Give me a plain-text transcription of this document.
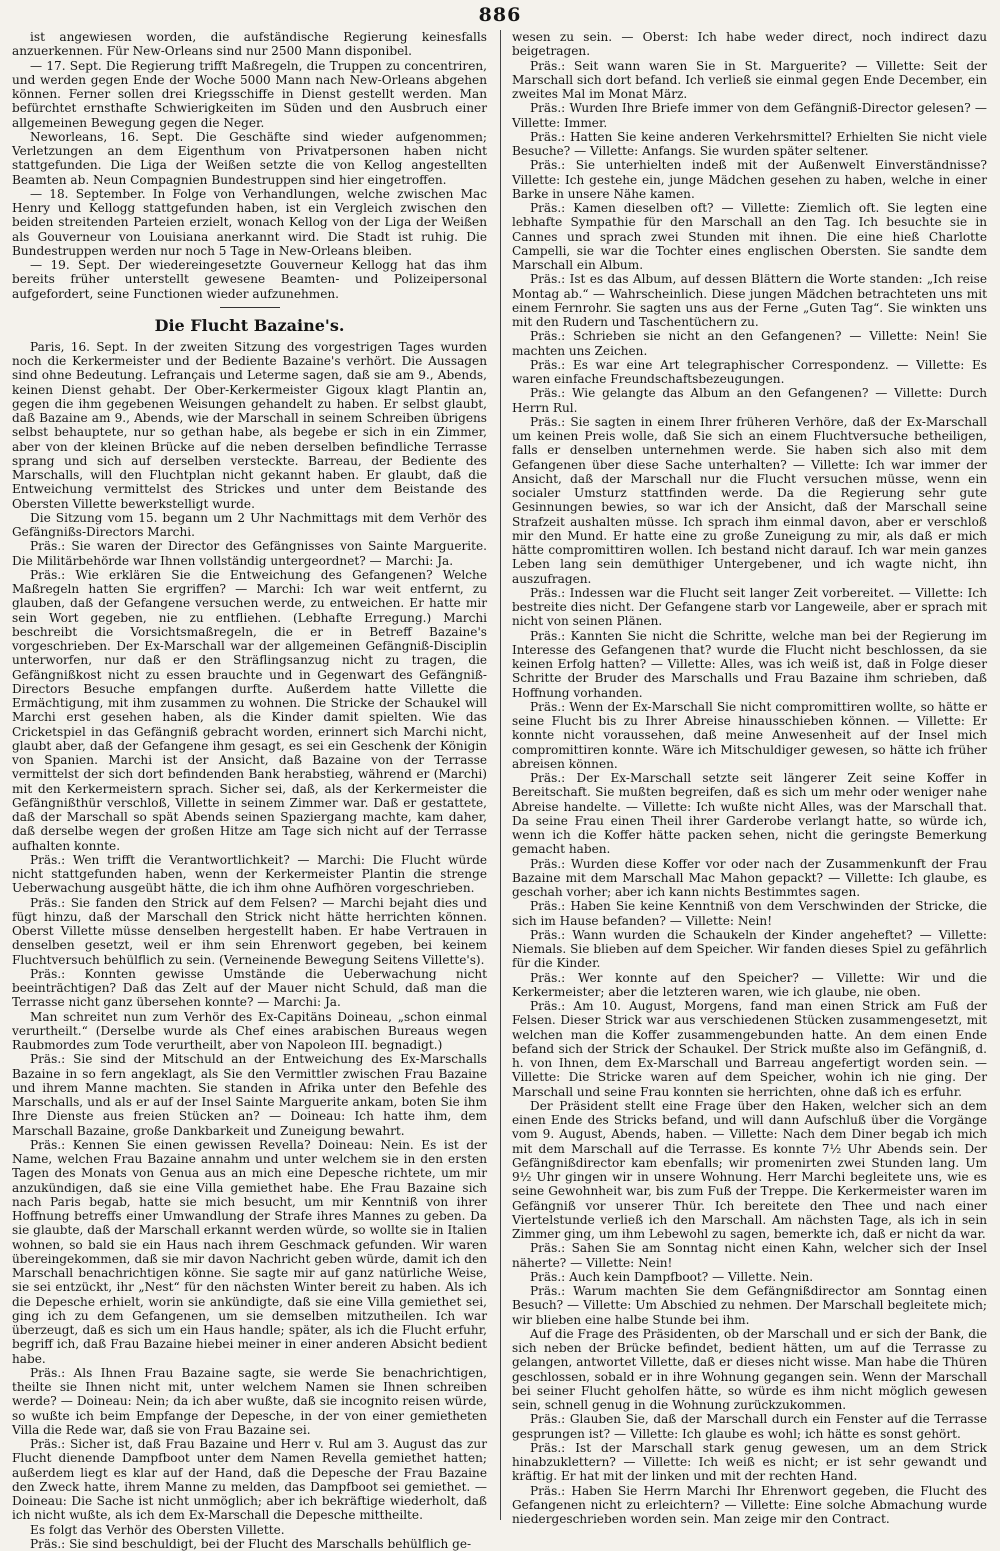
886

ist angewiesen worden, die aufständische Regierung keinesfalls anzuerkennen. Für New-Orleans sind nur 2500 Mann disponibel.

— 17. Sept. Die Regierung trifft Maßregeln, die Truppen zu concentriren, und werden gegen Ende der Woche 5000 Mann nach New-Orleans abgehen können. Ferner sollen drei Kriegsschiffe in Dienst gestellt werden. Man befürchtet ernsthafte Schwierigkeiten im Süden und den Ausbruch einer allgemeinen Bewegung gegen die Neger.

Neworleans, 16. Sept. Die Geschäfte sind wieder aufgenommen; Verletzungen an dem Eigenthum von Privatpersonen haben nicht stattgefunden. Die Liga der Weißen setzte die von Kellog angestellten Beamten ab. Neun Compagnien Bundestruppen sind hier eingetroffen.

— 18. September. In Folge von Verhandlungen, welche zwischen Mac Henry und Kellogg stattgefunden haben, ist ein Vergleich zwischen den beiden streitenden Parteien erzielt, wonach Kellog von der Liga der Weißen als Gouverneur von Louisiana anerkannt wird. Die Stadt ist ruhig. Die Bundestruppen werden nur noch 5 Tage in New-Orleans bleiben.

— 19. Sept. Der wiedereingesetzte Gouverneur Kellogg hat das ihm bereits früher unterstellt gewesene Beamten- und Polizeipersonal aufgefordert, seine Functionen wieder aufzunehmen.

Die Flucht Bazaine's.

Paris, 16. Sept. In der zweiten Sitzung des vorgestrigen Tages wurden noch die Kerkermeister und der Bediente Bazaine's verhört. Die Aussagen sind ohne Bedeutung. Lefrançais und Leterme sagen, daß sie am 9., Abends, keinen Dienst gehabt. Der Ober-Kerkermeister Gigoux klagt Plantin an, gegen die ihm gegebenen Weisungen gehandelt zu haben. Er selbst glaubt, daß Bazaine am 9., Abends, wie der Marschall in seinem Schreiben übrigens selbst behauptete, nur so gethan habe, als begebe er sich in ein Zimmer, aber von der kleinen Brücke auf die neben derselben befindliche Terrasse sprang und sich auf derselben versteckte. Barreau, der Bediente des Marschalls, will den Fluchtplan nicht gekannt haben. Er glaubt, daß die Entweichung vermittelst des Strickes und unter dem Beistande des Obersten Villette bewerkstelligt wurde.

Die Sitzung vom 15. begann um 2 Uhr Nachmittags mit dem Verhör des Gefängnißs-Directors Marchi.

Präs.: Sie waren der Director des Gefängnisses von Sainte Marguerite. Die Militärbehörde war Ihnen vollständig untergeordnet? — Marchi: Ja.

Präs.: Wie erklären Sie die Entweichung des Gefangenen? Welche Maßregeln hatten Sie ergriffen? — Marchi: Ich war weit entfernt, zu glauben, daß der Gefangene versuchen werde, zu entweichen. Er hatte mir sein Wort gegeben, nie zu entfliehen. (Lebhafte Erregung.) Marchi beschreibt die Vorsichtsmaßregeln, die er in Betreff Bazaine's vorgeschrieben. Der Ex-Marschall war der allgemeinen Gefängniß-Disciplin unterworfen, nur daß er den Sträflingsanzug nicht zu tragen, die Gefängnißkost nicht zu essen brauchte und in Gegenwart des Gefängniß-Directors Besuche empfangen durfte. Außerdem hatte Villette die Ermächtigung, mit ihm zusammen zu wohnen. Die Stricke der Schaukel will Marchi erst gesehen haben, als die Kinder damit spielten. Wie das Cricketspiel in das Gefängniß gebracht worden, erinnert sich Marchi nicht, glaubt aber, daß der Gefangene ihm gesagt, es sei ein Geschenk der Königin von Spanien. Marchi ist der Ansicht, daß Bazaine von der Terrasse vermittelst der sich dort befindenden Bank herabstieg, während er (Marchi) mit den Kerkermeistern sprach. Sicher sei, daß, als der Kerkermeister die Gefängnißthür verschloß, Villette in seinem Zimmer war. Daß er gestattete, daß der Marschall so spät Abends seinen Spaziergang machte, kam daher, daß derselbe wegen der großen Hitze am Tage sich nicht auf der Terrasse aufhalten konnte.

Präs.: Wen trifft die Verantwortlichkeit? — Marchi: Die Flucht würde nicht stattgefunden haben, wenn der Kerkermeister Plantin die strenge Ueberwachung ausgeübt hätte, die ich ihm ohne Aufhören vorgeschrieben.

Präs.: Sie fanden den Strick auf dem Felsen? — Marchi bejaht dies und fügt hinzu, daß der Marschall den Strick nicht hätte herrichten können. Oberst Villette müsse denselben hergestellt haben. Er habe Vertrauen in denselben gesetzt, weil er ihm sein Ehrenwort gegeben, bei keinem Fluchtversuch behülflich zu sein. (Verneinende Bewegung Seitens Villette's).

Präs.: Konnten gewisse Umstände die Ueberwachung nicht beeinträchtigen? Daß das Zelt auf der Mauer nicht Schuld, daß man die Terrasse nicht ganz übersehen konnte? — Marchi: Ja.

Man schreitet nun zum Verhör des Ex-Capitäns Doineau, „schon einmal verurtheilt.“ (Derselbe wurde als Chef eines arabischen Bureaus wegen Raubmordes zum Tode verurtheilt, aber von Napoleon III. begnadigt.)

Präs.: Sie sind der Mitschuld an der Entweichung des Ex-Marschalls Bazaine in so fern angeklagt, als Sie den Vermittler zwischen Frau Bazaine und ihrem Manne machten. Sie standen in Afrika unter den Befehle des Marschalls, und als er auf der Insel Sainte Marguerite ankam, boten Sie ihm Ihre Dienste aus freien Stücken an? — Doineau: Ich hatte ihm, dem Marschall Bazaine, große Dankbarkeit und Zuneigung bewahrt.

Präs.: Kennen Sie einen gewissen Revella? Doineau: Nein. Es ist der Name, welchen Frau Bazaine annahm und unter welchem sie in den ersten Tagen des Monats von Genua aus an mich eine Depesche richtete, um mir anzukündigen, daß sie eine Villa gemiethet habe. Ehe Frau Bazaine sich nach Paris begab, hatte sie mich besucht, um mir Kenntniß von ihrer Hoffnung betreffs einer Umwandlung der Strafe ihres Mannes zu geben. Da sie glaubte, daß der Marschall erkannt werden würde, so wollte sie in Italien wohnen, so bald sie ein Haus nach ihrem Geschmack gefunden. Wir waren übereingekommen, daß sie mir davon Nachricht geben würde, damit ich den Marschall benachrichtigen könne. Sie sagte mir auf ganz natürliche Weise, sie sei entzückt, ihr „Nest“ für den nächsten Winter bereit zu haben. Als ich die Depesche erhielt, worin sie ankündigte, daß sie eine Villa gemiethet sei, ging ich zu dem Gefangenen, um sie demselben mitzutheilen. Ich war überzeugt, daß es sich um ein Haus handle; später, als ich die Flucht erfuhr, begriff ich, daß Frau Bazaine hiebei meiner in einer anderen Absicht bedient habe.

Präs.: Als Ihnen Frau Bazaine sagte, sie werde Sie benachrichtigen, theilte sie Ihnen nicht mit, unter welchem Namen sie Ihnen schreiben werde? — Doineau: Nein; da ich aber wußte, daß sie incognito reisen würde, so wußte ich beim Empfange der Depesche, in der von einer gemietheten Villa die Rede war, daß sie von Frau Bazaine sei.

Präs.: Sicher ist, daß Frau Bazaine und Herr v. Rul am 3. August das zur Flucht dienende Dampfboot unter dem Namen Revella gemiethet hatten; außerdem liegt es klar auf der Hand, daß die Depesche der Frau Bazaine den Zweck hatte, ihrem Manne zu melden, das Dampfboot sei gemiethet. — Doineau: Die Sache ist nicht unmöglich; aber ich bekräftige wiederholt, daß ich nicht wußte, als ich dem Ex-Marschall die Depesche mittheilte.

Es folgt das Verhör des Obersten Villette.

Präs.: Sie sind beschuldigt, bei der Flucht des Marschalls behülflich ge-

wesen zu sein. — Oberst: Ich habe weder direct, noch indirect dazu beigetragen.

Präs.: Seit wann waren Sie in St. Marguerite? — Villette: Seit der Marschall sich dort befand. Ich verließ sie einmal gegen Ende December, ein zweites Mal im Monat März.

Präs.: Wurden Ihre Briefe immer von dem Gefängniß-Director gelesen? — Villette: Immer.

Präs.: Hatten Sie keine anderen Verkehrsmittel? Erhielten Sie nicht viele Besuche? — Villette: Anfangs. Sie wurden später seltener.

Präs.: Sie unterhielten indeß mit der Außenwelt Einverständnisse? Villette: Ich gestehe ein, junge Mädchen gesehen zu haben, welche in einer Barke in unsere Nähe kamen.

Präs.: Kamen dieselben oft? — Villette: Ziemlich oft. Sie legten eine lebhafte Sympathie für den Marschall an den Tag. Ich besuchte sie in Cannes und sprach zwei Stunden mit ihnen. Die eine hieß Charlotte Campelli, sie war die Tochter eines englischen Obersten. Sie sandte dem Marschall ein Album.

Präs.: Ist es das Album, auf dessen Blättern die Worte standen: „Ich reise Montag ab.“ — Wahrscheinlich. Diese jungen Mädchen betrachteten uns mit einem Fernrohr. Sie sagten uns aus der Ferne „Guten Tag“. Sie winkten uns mit den Rudern und Taschentüchern zu.

Präs.: Schrieben sie nicht an den Gefangenen? — Villette: Nein! Sie machten uns Zeichen.

Präs.: Es war eine Art telegraphischer Correspondenz. — Villette: Es waren einfache Freundschaftsbezeugungen.

Präs.: Wie gelangte das Album an den Gefangenen? — Villette: Durch Herrn Rul.

Präs.: Sie sagten in einem Ihrer früheren Verhöre, daß der Ex-Marschall um keinen Preis wolle, daß Sie sich an einem Fluchtversuche betheiligen, falls er denselben unternehmen werde. Sie haben sich also mit dem Gefangenen über diese Sache unterhalten? — Villette: Ich war immer der Ansicht, daß der Marschall nur die Flucht versuchen müsse, wenn ein socialer Umsturz stattfinden werde. Da die Regierung sehr gute Gesinnungen bewies, so war ich der Ansicht, daß der Marschall seine Strafzeit aushalten müsse. Ich sprach ihm einmal davon, aber er verschloß mir den Mund. Er hatte eine zu große Zuneigung zu mir, als daß er mich hätte compromittiren wollen. Ich bestand nicht darauf. Ich war mein ganzes Leben lang sein demüthiger Untergebener, und ich wagte nicht, ihn auszufragen.

Präs.: Indessen war die Flucht seit langer Zeit vorbereitet. — Villette: Ich bestreite dies nicht. Der Gefangene starb vor Langeweile, aber er sprach mit nicht von seinen Plänen.

Präs.: Kannten Sie nicht die Schritte, welche man bei der Regierung im Interesse des Gefangenen that? wurde die Flucht nicht beschlossen, da sie keinen Erfolg hatten? — Villette: Alles, was ich weiß ist, daß in Folge dieser Schritte der Bruder des Marschalls und Frau Bazaine ihm schrieben, daß Hoffnung vorhanden.

Präs.: Wenn der Ex-Marschall Sie nicht compromittiren wollte, so hätte er seine Flucht bis zu Ihrer Abreise hinausschieben können. — Villette: Er konnte nicht voraussehen, daß meine Anwesenheit auf der Insel mich compromittiren konnte. Wäre ich Mitschuldiger gewesen, so hätte ich früher abreisen können.

Präs.: Der Ex-Marschall setzte seit längerer Zeit seine Koffer in Bereitschaft. Sie mußten begreifen, daß es sich um mehr oder weniger nahe Abreise handelte. — Villette: Ich wußte nicht Alles, was der Marschall that. Da seine Frau einen Theil ihrer Garderobe verlangt hatte, so würde ich, wenn ich die Koffer hätte packen sehen, nicht die geringste Bemerkung gemacht haben.

Präs.: Wurden diese Koffer vor oder nach der Zusammenkunft der Frau Bazaine mit dem Marschall Mac Mahon gepackt? — Villette: Ich glaube, es geschah vorher; aber ich kann nichts Bestimmtes sagen.

Präs.: Haben Sie keine Kenntniß von dem Verschwinden der Stricke, die sich im Hause befanden? — Villette: Nein!

Präs.: Wann wurden die Schaukeln der Kinder angeheftet? — Villette: Niemals. Sie blieben auf dem Speicher. Wir fanden dieses Spiel zu gefährlich für die Kinder.

Präs.: Wer konnte auf den Speicher? — Villette: Wir und die Kerkermeister; aber die letzteren waren, wie ich glaube, nie oben.

Präs.: Am 10. August, Morgens, fand man einen Strick am Fuß der Felsen. Dieser Strick war aus verschiedenen Stücken zusammengesetzt, mit welchen man die Koffer zusammengebunden hatte. An dem einen Ende befand sich der Strick der Schaukel. Der Strick mußte also im Gefängniß, d. h. von Ihnen, dem Ex-Marschall und Barreau angefertigt worden sein. — Villette: Die Stricke waren auf dem Speicher, wohin ich nie ging. Der Marschall und seine Frau konnten sie herrichten, ohne daß ich es erfuhr.

Der Präsident stellt eine Frage über den Haken, welcher sich an dem einen Ende des Stricks befand, und will dann Aufschluß über die Vorgänge vom 9. August, Abends, haben. — Villette: Nach dem Diner begab ich mich mit dem Marschall auf die Terrasse. Es konnte 7½ Uhr Abends sein. Der Gefängnißdirector kam ebenfalls; wir promenirten zwei Stunden lang. Um 9½ Uhr gingen wir in unsere Wohnung. Herr Marchi begleitete uns, wie es seine Gewohnheit war, bis zum Fuß der Treppe. Die Kerkermeister waren im Gefängniß vor unserer Thür. Ich bereitete den Thee und nach einer Viertelstunde verließ ich den Marschall. Am nächsten Tage, als ich in sein Zimmer ging, um ihm Lebewohl zu sagen, bemerkte ich, daß er nicht da war.

Präs.: Sahen Sie am Sonntag nicht einen Kahn, welcher sich der Insel näherte? — Villette: Nein!

Präs.: Auch kein Dampfboot? — Villette. Nein.

Präs.: Warum machten Sie dem Gefängnißdirector am Sonntag einen Besuch? — Villette: Um Abschied zu nehmen. Der Marschall begleitete mich; wir blieben eine halbe Stunde bei ihm.

Auf die Frage des Präsidenten, ob der Marschall und er sich der Bank, die sich neben der Brücke befindet, bedient hätten, um auf die Terrasse zu gelangen, antwortet Villette, daß er dieses nicht wisse. Man habe die Thüren geschlossen, sobald er in ihre Wohnung gegangen sein. Wenn der Marschall bei seiner Flucht geholfen hätte, so würde es ihm nicht möglich gewesen sein, schnell genug in die Wohnung zurückzukommen.

Präs.: Glauben Sie, daß der Marschall durch ein Fenster auf die Terrasse gesprungen ist? — Villette: Ich glaube es wohl; ich hätte es sonst gehört.

Präs.: Ist der Marschall stark genug gewesen, um an dem Strick hinabzuklettern? — Villette: Ich weiß es nicht; er ist sehr gewandt und kräftig. Er hat mit der linken und mit der rechten Hand.

Präs.: Haben Sie Herrn Marchi Ihr Ehrenwort gegeben, die Flucht des Gefangenen nicht zu erleichtern? — Villette: Eine solche Abmachung wurde niedergeschrieben worden sein. Man zeige mir den Contract.
